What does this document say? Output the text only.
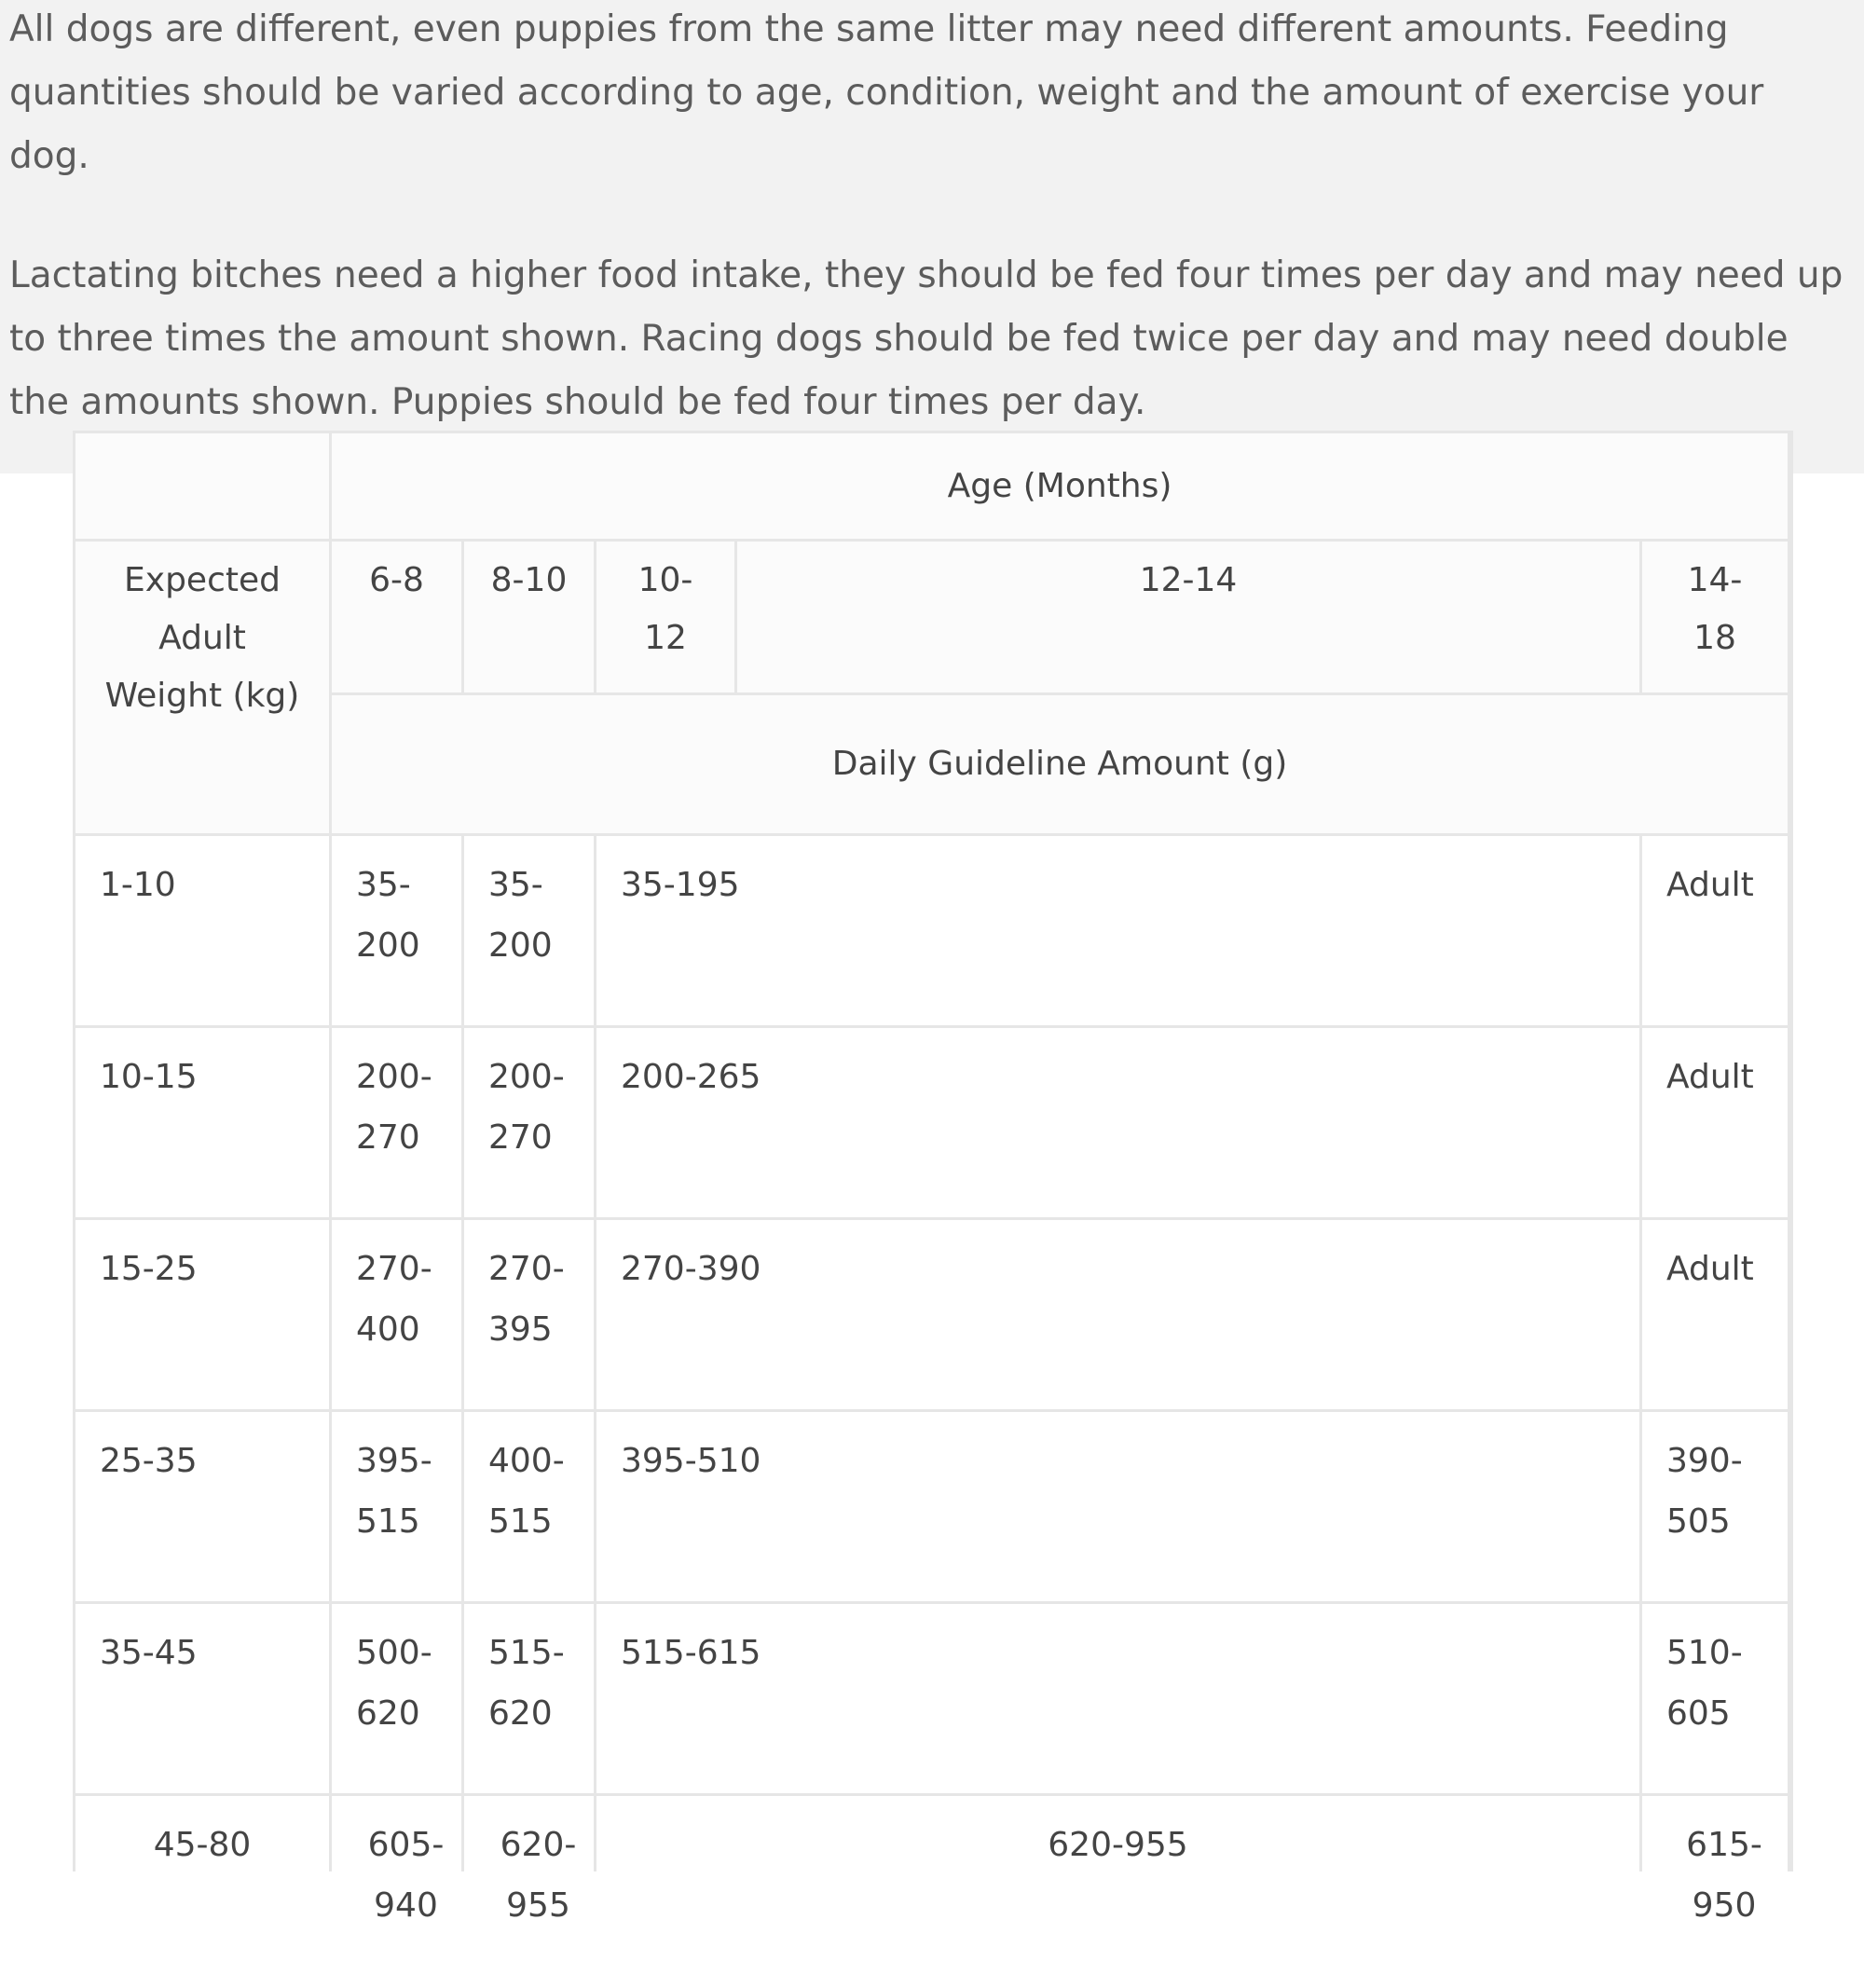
All dogs are different, even puppies from the same litter may need different amounts. Feeding quantities should be varied according to age, condition, weight and the amount of exercise your dog.

Lactating bitches need a higher food intake, they should be fed four times per day and may need up to three times the amount shown. Racing dogs should be fed twice per day and may need double the amounts shown. Puppies should be fed four times per day.

	Age (Months)					
Expected Adult Weight (kg)	6-8	8-10	10-12	12-14	14-18	
	Daily Guideline Amount (g)					
1-10	35-200	35-200	35-195		Adult	
10-15	200-270	200-270	200-265		Adult	
15-25	270-400	270-395	270-390		Adult	
25-35	395-515	400-515	395-510		390-505	
35-45	500-620	515-620	515-615		510-605	
45-80	605-940	620-955	620-955		615-950	
